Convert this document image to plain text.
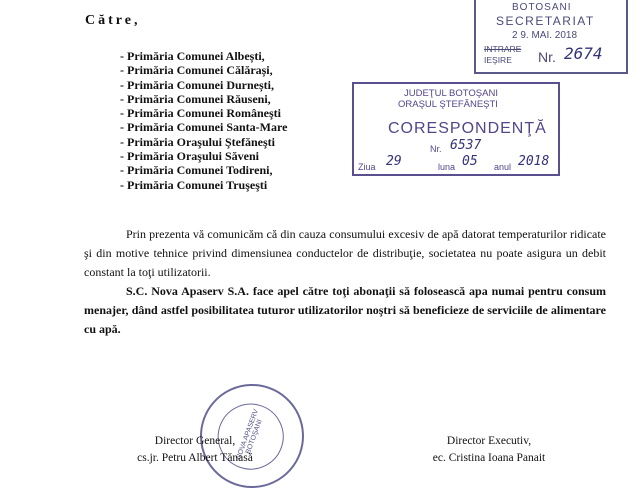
BOTOSANI
SECRETARIAT
2 9. MAI. 2018
INTRARE
IEŞIRE Nr. 2674
JUDEŢUL BOTOŞANI
ORAŞUL ŞTEFĂNEŞTI
CORESPONDENŢĂ
Nr. 6537
Ziua 29	luna 05 anul 2018
Către,
- Primăria Comunei Albești,
- Primăria Comunei Călărași,
- Primăria Comunei Durnești,
- Primăria Comunei Răuseni,
- Primăria Comunei Româneşti
- Primăria Comunei Santa-Mare
- Primăria Oraşului Ştefăneşti
- Primăria Oraşului Săveni
- Primăria Comunei Todireni,
- Primăria Comunei Truşeşti
Prin prezenta vă comunicăm că din cauza consumului excesiv de apă datorat temperaturilor ridicate şi din motive tehnice privind dimensiunea conductelor de distribuţie, societatea nu poate asigura un debit constant la toţi utilizatorii.
S.C. Nova Apaserv S.A. face apel către toţi abonaţii să folosească apa numai pentru consum menajer, dând astfel posibilitatea tuturor utilizatorilor noştri să beneficieze de serviciile de alimentare cu apă.
NOVA APASERV BOTOŞANI
Director General,
cs.jr. Petru Albert Tănasă
Director Executiv,
ec. Cristina Ioana Panait
